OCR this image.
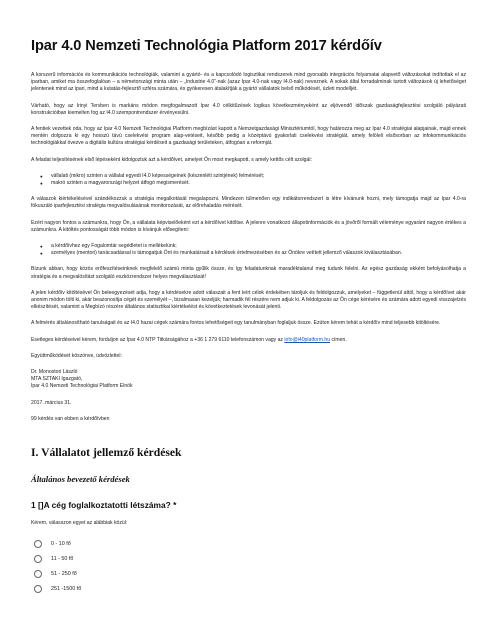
Ipar 4.0 Nemzeti Technológia Platform 2017 kérdőív

A korszerű információs és kommunikációs technológiák, valamint a gyártó- és a kapcsolódó logisztikai rendszerek mind gyorsabb integrációs folyamatai alapvető változásokat indítottak el az iparban, amiket ma összefoglalóan – a németországi minta után – „Industrie 4.0”-nak (azaz Ipar 4.0-nak vagy I4.0-nak) neveznek. A sokak által forradalminak tartott változások új lehetőséget jelentenek mind az ipari, mind a kutatás-fejlesztő szféra számára, és gyökeresen átalakítják a gyártó vállalatok belső működését, üzleti modelljét.

Várható, hogy az Irinyi Tervben is markáns módon megfogalmazott Ipar 4.0 célkitűzések logikus következményeként az eljövendő időszak gazdaságfejlesztési szolgáló pályázati konstrukcióiban kiemelten fog az I4.0 szempontrendszer érvényesülni.

A fentiek vezettek oda, hogy az Ipar 4.0 Nemzeti Technológiai Platform megbízást kapott a Nemzetgazdasági Minisztériumtól, hogy határozza meg az Ipar 4.0 stratégiai alapjainak, majd ennek mentén dolgozza ki egy hosszú távú cselekvési program alap-vetéseit, később pedig a középtávú gyakorlati cselekvési stratégiát, amely felöleli elsősorban az infokommunikációs technológiákkal övezve a digitális kultúra stratégiai kérdéseit a gazdasági területeken, átfogóan a reformját.

A feladat teljesítésének első lépéseként kidolgoztuk azt a kérdőívet, amelyet Ön most megkapott, s amely kettős célt szolgál:

● vállalati (mikro) szinten a vállalat egyedi I4.0 képességeinek (készenléti szintjének) felmérését;
● makró szinten a magyarországi helyzet átfogó megismerését.

A válaszok kiértékelésével szándékozzuk a stratégia megalkotását megalapozni. Mindezen túlmenően egy indikátorrendszert is létre kívánunk hozni, mely támogatja majd az Ipar 4.0-ra fókuszáló iparfejlesztési stratégia megvalósulásának monitorozását, az előrehaladás mérését.

Ezért nagyon fontos a számunkra, hogy Ön, a vállalata képviselőeként ezt a kérdőívet kitöltse. A jelenre vonatkozó állapotinformációk és a jövőről formált véleménye egyaránt nagyon értékes a számunkra. A kitöltés pontosságát több módon is kívánjuk elősegíteni:

● a kérdőívhez egy Fogalomtár segédletet is mellékelünk;
● személyes (mentori) tanácsadással is támogatjuk Önt és munkatársait a kérdések értelmezésében és az Önökre vetített jellemző válaszok kiválasztásában.

Bízunk abban, hogy közös erőfeszítéseinknek megfelelő számú minta gyűlik össze, és így feladatunknak maradéktalanul meg tudunk felelni. Az egész gazdaság ekként befolyásolhatja a stratégia és a megvalósítást szolgáló eszközrendszer helyes megválasztását!

A jelen kérdőív kitöltésével Ön beleegyezését adja, hogy a kérdésekre adott válaszait a fent leírt célok érdekében tároljuk és feldolgozzuk, amelyeket – függetlenül attól, hogy a kérdőívet akár anonim módon tölti ki, akár beazonosítja cégét és személyét –, bizalmasan kezeljük; harmadik fél részére nem adjuk ki. A feldolgozás az Ön cége kérésére és számára adott egyedi visszajelzés elkészítését, valamint a Megbízó részére általános statisztikai kiértékelést és következtetések levonását jelenti.

A felmérés általánosítható tanulságait és az I4.0 hazai cégek számára fontos lehetőségeit egy tanulmányban foglaljuk össze. Ezúton kérem tehát a kérdőív mind teljesebb kitöltésére.

Esetleges kérdéseivel kérem, forduljon az Ipar 4.0 NTP Titkárságához a +36 1 279 6110 telefonszámon vagy az info@i40platform.hu címen.

Együttműködését köszönve, üdvözlettel:

Dr. Monostori László

MTA SZTAKI Igazgató,

Ipar 4.0 Nemzeti Technológiai Platform Elnök

2017. március 31.

99 kérdés van ebben a kérdőívben

I. Vállalatot jellemző kérdések
Általános bevezető kérdések
1 []A cég foglalkoztatotti létszáma? *
Kérem, válasszon egyet az alábbiak közül:
0 - 10 fő
11 - 50 fő
51 - 250 fő
251 -1500 fő
